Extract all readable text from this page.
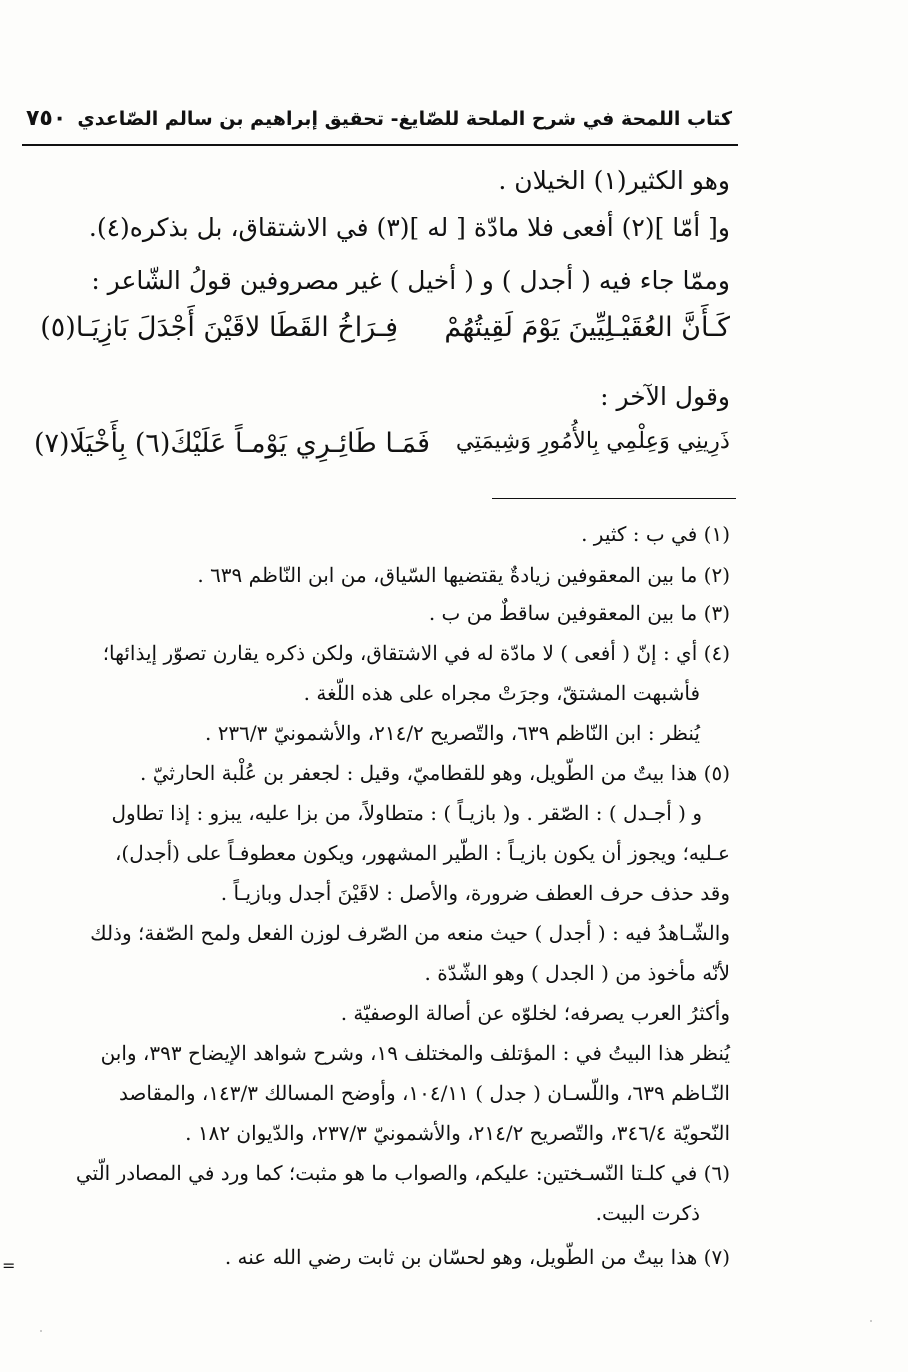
كتاب اللمحة في شرح الملحة للصّايغ- تحقيق إبراهيم بن سالم الصّاعدي
٧٥٠
وهو الكثير(١) الخيلان .
و[ أمّا ](٢) أفعى فلا مادّة [ له ](٣) في الاشتقاق، بل بذكره(٤).
وممّا جاء فيه ( أجدل ) و ( أخيل ) غير مصروفين قولُ الشّاعر :
كَـأَنَّ العُقَيْـلِيِّينَ يَوْمَ لَقِيتُهُمْ
فِـرَاخُ القَطَا لاقَيْنَ أَجْدَلَ بَازِيَـا(٥)
وقول الآخر :
ذَرِينِي وَعِلْمِي بِالأُمُورِ وَشِيمَتِي
فَمَـا طَائِـرِي يَوْمـاً عَلَيْكَ(٦) بِأَخْيَلَا(٧)
(١) في ب : كثير .
(٢) ما بين المعقوفين زيادةٌ يقتضيها السّياق، من ابن النّاظم ٦٣٩ .
(٣) ما بين المعقوفين ساقطٌ من ب .
(٤) أي : إنّ ( أفعى ) لا مادّة له في الاشتقاق، ولكن ذكره يقارن تصوّر إيذائها؛
فأشبهت المشتقّ، وجرَتْ مجراه على هذه اللّغة .
يُنظر : ابن النّاظم ٦٣٩، والتّصريح ٢١٤/٢، والأشمونيّ ٢٣٦/٣ .
(٥) هذا بيتٌ من الطّويل، وهو للقطاميّ، وقيل : لجعفر بن عُلْبة الحارثيّ .
و ( أجـدل ) : الصّقر . و( بازيـاً ) : متطاولاً، من بزا عليه، يبزو : إذا تطاول
عـليه؛ ويجوز أن يكون بازيـاً : الطّير المشهور، ويكون معطوفـاً على (أجدل)،
وقد حذف حرف العطف ضرورة، والأصل : لاقَيْنَ أجدل وبازيـاً .
والشّـاهدُ فيه : ( أجدل ) حيث منعه من الصّرف لوزن الفعل ولمح الصّفة؛ وذلك
لأنّه مأخوذ من ( الجدل ) وهو الشّدّة .
وأكثرُ العرب يصرفه؛ لخلوّه عن أصالة الوصفيّة .
يُنظر هذا البيتُ في : المؤتلف والمختلف ١٩، وشرح شواهد الإيضاح ٣٩٣، وابن
النّـاظم ٦٣٩، واللّسـان ( جدل ) ١٠٤/١١، وأوضح المسالك ١٤٣/٣، والمقاصد
النّحويّة ٣٤٦/٤، والتّصريح ٢١٤/٢، والأشمونيّ ٢٣٧/٣، والدّيوان ١٨٢ .
(٦) في كلـتا النّسـختين: عليكم، والصواب ما هو مثبت؛ كما ورد في المصادر الّتي
ذكرت البيت.
(٧) هذا بيتٌ من الطّويل، وهو لحسّان بن ثابت رضي الله عنه .
=
